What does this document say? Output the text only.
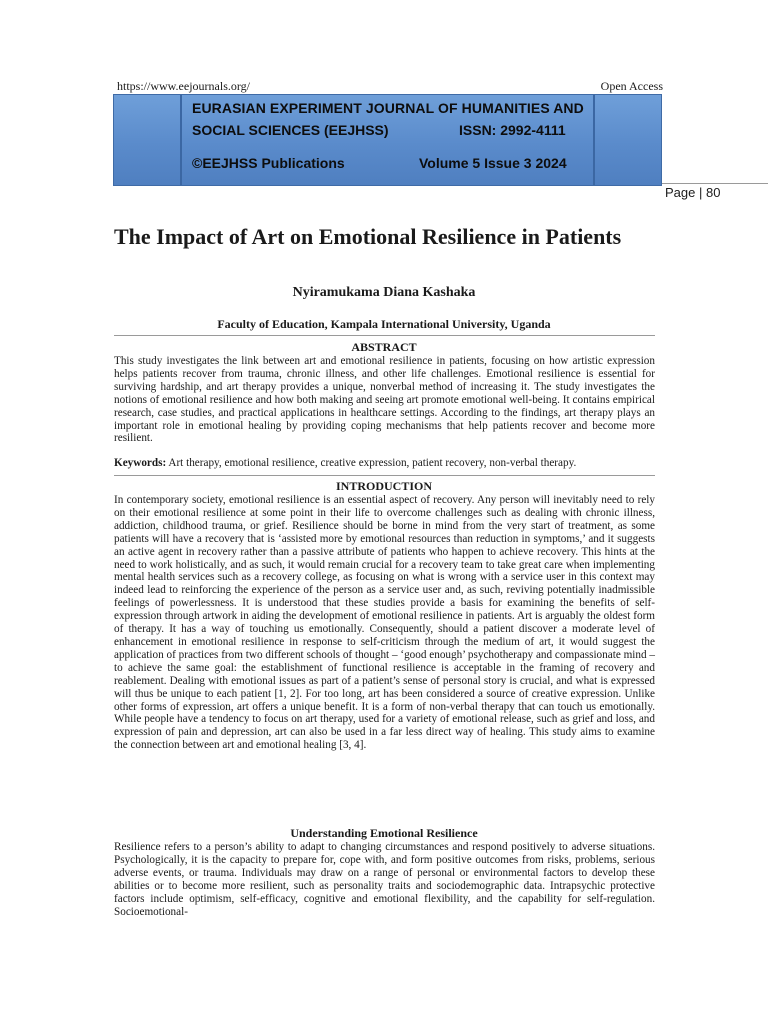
https://www.eejournals.org/	Open Access
EURASIAN EXPERIMENT JOURNAL OF HUMANITIES AND
SOCIAL SCIENCES (EEJHSS)	ISSN: 2992-4111
©EEJHSS Publications	Volume 5 Issue 3 2024
Page | 80
The Impact of Art on Emotional Resilience in Patients
Nyiramukama Diana Kashaka
Faculty of Education, Kampala International University, Uganda
ABSTRACT

This study investigates the link between art and emotional resilience in patients, focusing on how artistic expression helps patients recover from trauma, chronic illness, and other life challenges. Emotional resilience is essential for surviving hardship, and art therapy provides a unique, nonverbal method of increasing it. The study investigates the notions of emotional resilience and how both making and seeing art promote emotional well-being. It contains empirical research, case studies, and practical applications in healthcare settings. According to the findings, art therapy plays an important role in emotional healing by providing coping mechanisms that help patients recover and become more resilient.

Keywords: Art therapy, emotional resilience, creative expression, patient recovery, non-verbal therapy.

INTRODUCTION

In contemporary society, emotional resilience is an essential aspect of recovery. Any person will inevitably need to rely on their emotional resilience at some point in their life to overcome challenges such as dealing with chronic illness, addiction, childhood trauma, or grief. Resilience should be borne in mind from the very start of treatment, as some patients will have a recovery that is ‘assisted more by emotional resources than reduction in symptoms,’ and it suggests an active agent in recovery rather than a passive attribute of patients who happen to achieve recovery. This hints at the need to work holistically, and as such, it would remain crucial for a recovery team to take great care when implementing mental health services such as a recovery college, as focusing on what is wrong with a service user in this context may indeed lead to reinforcing the experience of the person as a service user and, as such, reviving potentially inadmissible feelings of powerlessness. It is understood that these studies provide a basis for examining the benefits of self-expression through artwork in aiding the development of emotional resilience in patients. Art is arguably the oldest form of therapy. It has a way of touching us emotionally. Consequently, should a patient discover a moderate level of enhancement in emotional resilience in response to self-criticism through the medium of art, it would suggest the application of practices from two different schools of thought – ‘good enough’ psychotherapy and compassionate mind – to achieve the same goal: the establishment of functional resilience is acceptable in the framing of recovery and reablement. Dealing with emotional issues as part of a patient’s sense of personal story is crucial, and what is expressed will thus be unique to each patient [1, 2]. For too long, art has been considered a source of creative expression. Unlike other forms of expression, art offers a unique benefit. It is a form of non-verbal therapy that can touch us emotionally. While people have a tendency to focus on art therapy, used for a variety of emotional release, such as grief and loss, and expression of pain and depression, art can also be used in a far less direct way of healing. This study aims to examine the connection between art and emotional healing [3, 4].

Understanding Emotional Resilience

Resilience refers to a person’s ability to adapt to changing circumstances and respond positively to adverse situations. Psychologically, it is the capacity to prepare for, cope with, and form positive outcomes from risks, problems, serious adverse events, or trauma. Individuals may draw on a range of personal or environmental factors to develop these abilities or to become more resilient, such as personality traits and sociodemographic data. Intrapsychic protective factors include optimism, self-efficacy, cognitive and emotional flexibility, and the capability for self-regulation. Socioemotional-
